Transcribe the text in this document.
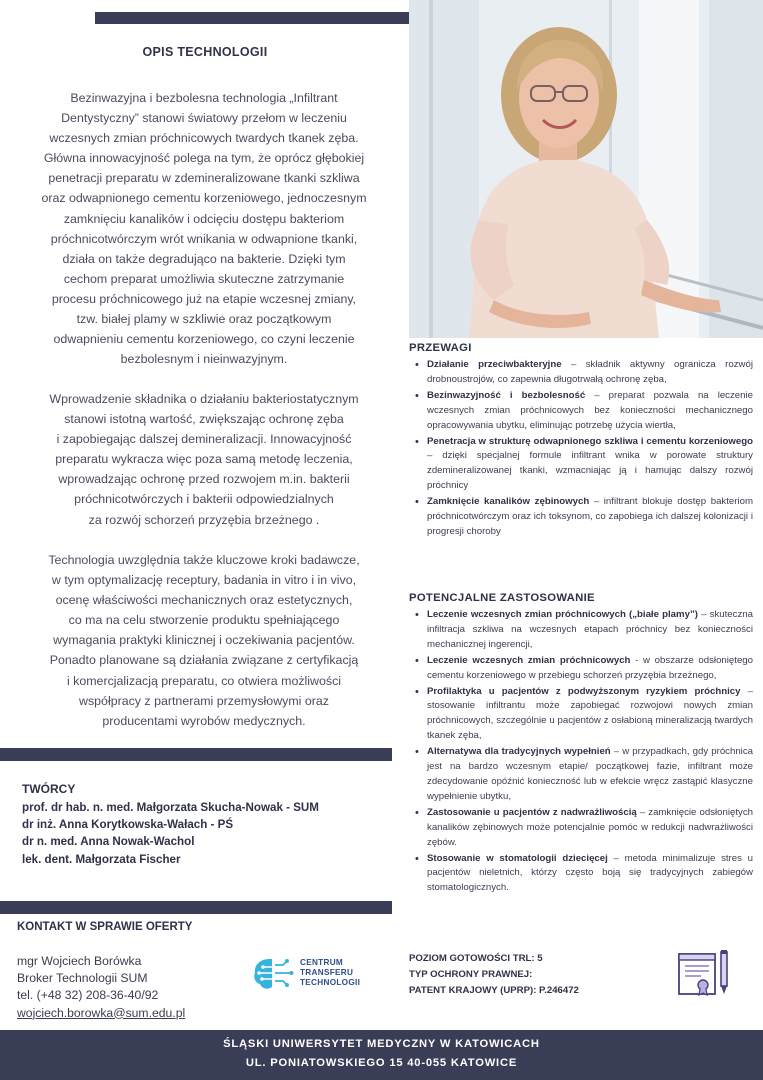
OPIS TECHNOLOGII
Bezinwazyjna i bezbolesna technologia „Infiltrant
Dentystyczny” stanowi światowy przełom w leczeniu
wczesnych zmian próchnicowych twardych tkanek zęba.
Główna innowacyjność polega na tym, że oprócz głębokiej
penetracji preparatu w zdemineralizowane tkanki szkliwa
oraz odwapnionego cementu korzeniowego, jednoczesnym
zamknięciu kanalików i odcięciu dostępu bakteriom
próchnicotwórczym wrót wnikania w odwapnione tkanki,
działa on także degradująco na bakterie. Dzięki tym
cechom preparat umożliwia skuteczne zatrzymanie
procesu próchnicowego już na etapie wczesnej zmiany,
tzw. białej plamy w szkliwie oraz początkowym
odwapnieniu cementu korzeniowego, co czyni leczenie
bezbolesnym i nieinwazyjnym.
Wprowadzenie składnika o działaniu bakteriostatycznym
stanowi istotną wartość, zwiększając ochronę zęba
i zapobiegając dalszej demineralizacji. Innowacyjność
preparatu wykracza więc poza samą metodę leczenia,
wprowadzając ochronę przed rozwojem m.in. bakterii
próchnicotwórczych i bakterii odpowiedzialnych
za rozwój schorzeń przyzębia brzeżnego .
Technologia uwzględnia także kluczowe kroki badawcze,
w tym optymalizację receptury, badania in vitro i in vivo,
ocenę właściwości mechanicznych oraz estetycznych,
co ma na celu stworzenie produktu spełniającego
wymagania praktyki klinicznej i oczekiwania pacjentów.
Ponadto planowane są działania związane z certyfikacją
i komercjalizacją preparatu, co otwiera możliwości
współpracy z partnerami przemysłowymi oraz
producentami wyrobów medycznych.
TWÓRCY
prof. dr hab. n. med. Małgorzata Skucha-Nowak - SUM
dr inż. Anna Korytkowska-Wałach - PŚ
dr n. med. Anna Nowak-Wachol
lek. dent. Małgorzata Fischer
KONTAKT W SPRAWIE OFERTY
mgr Wojciech Borówka
Broker Technologii SUM
tel. (+48 32) 208-36-40/92
wojciech.borowka@sum.edu.pl
CENTRUM
TRANSFERU
TECHNOLOGII
PRZEWAGI
• Działanie przeciwbakteryjne – składnik aktywny ogranicza rozwój drobnoustrojów, co zapewnia długotrwałą ochronę zęba,
• Bezinwazyjność i bezbolesność – preparat pozwala na leczenie wczesnych zmian próchnicowych bez konieczności mechanicznego opracowywania ubytku, eliminując potrzebę użycia wiertła,
• Penetracja w strukturę odwapnionego szkliwa i cementu korzeniowego – dzięki specjalnej formule infiltrant wnika w porowate struktury zdemineralizowanej tkanki, wzmacniając ją i hamując dalszy rozwój próchnicy
• Zamknięcie kanalików zębinowych – infiltrant blokuje dostęp bakteriom próchnicotwórczym oraz ich toksynom, co zapobiega ich dalszej kolonizacji i progresji choroby
POTENCJALNE ZASTOSOWANIE
• Leczenie wczesnych zmian próchnicowych („białe plamy”) – skuteczna infiltracja szkliwa na wczesnych etapach próchnicy bez konieczności mechanicznej ingerencji,
• Leczenie wczesnych zmian próchnicowych - w obszarze odsłoniętego cementu korzeniowego w przebiegu schorzeń przyzębia brzeżnego,
• Profilaktyka u pacjentów z podwyższonym ryzykiem próchnicy – stosowanie infiltrantu może zapobiegać rozwojowi nowych zmian próchnicowych, szczególnie u pacjentów z osłabioną mineralizacją twardych tkanek zęba,
• Alternatywa dla tradycyjnych wypełnień – w przypadkach, gdy próchnica jest na bardzo wczesnym etapie/ początkowej fazie, infiltrant może zdecydowanie opóźnić konieczność lub w efekcie wręcz zastąpić klasyczne wypełnienie ubytku,
• Zastosowanie u pacjentów z nadwrażliwością – zamknięcie odsłoniętych kanalików zębinowych może potencjalnie pomóc w redukcji nadwrażliwości zębów.
• Stosowanie w stomatologii dziecięcej – metoda minimalizuje stres u pacjentów nieletnich, którzy często boją się tradycyjnych zabiegów stomatologicznych.
POZIOM GOTOWOŚCI TRL: 5
TYP OCHRONY PRAWNEJ:
PATENT KRAJOWY (UPRP): P.246472
ŚLĄSKI UNIWERSYTET MEDYCZNY W KATOWICACH
UL. PONIATOWSKIEGO 15 40-055 KATOWICE
